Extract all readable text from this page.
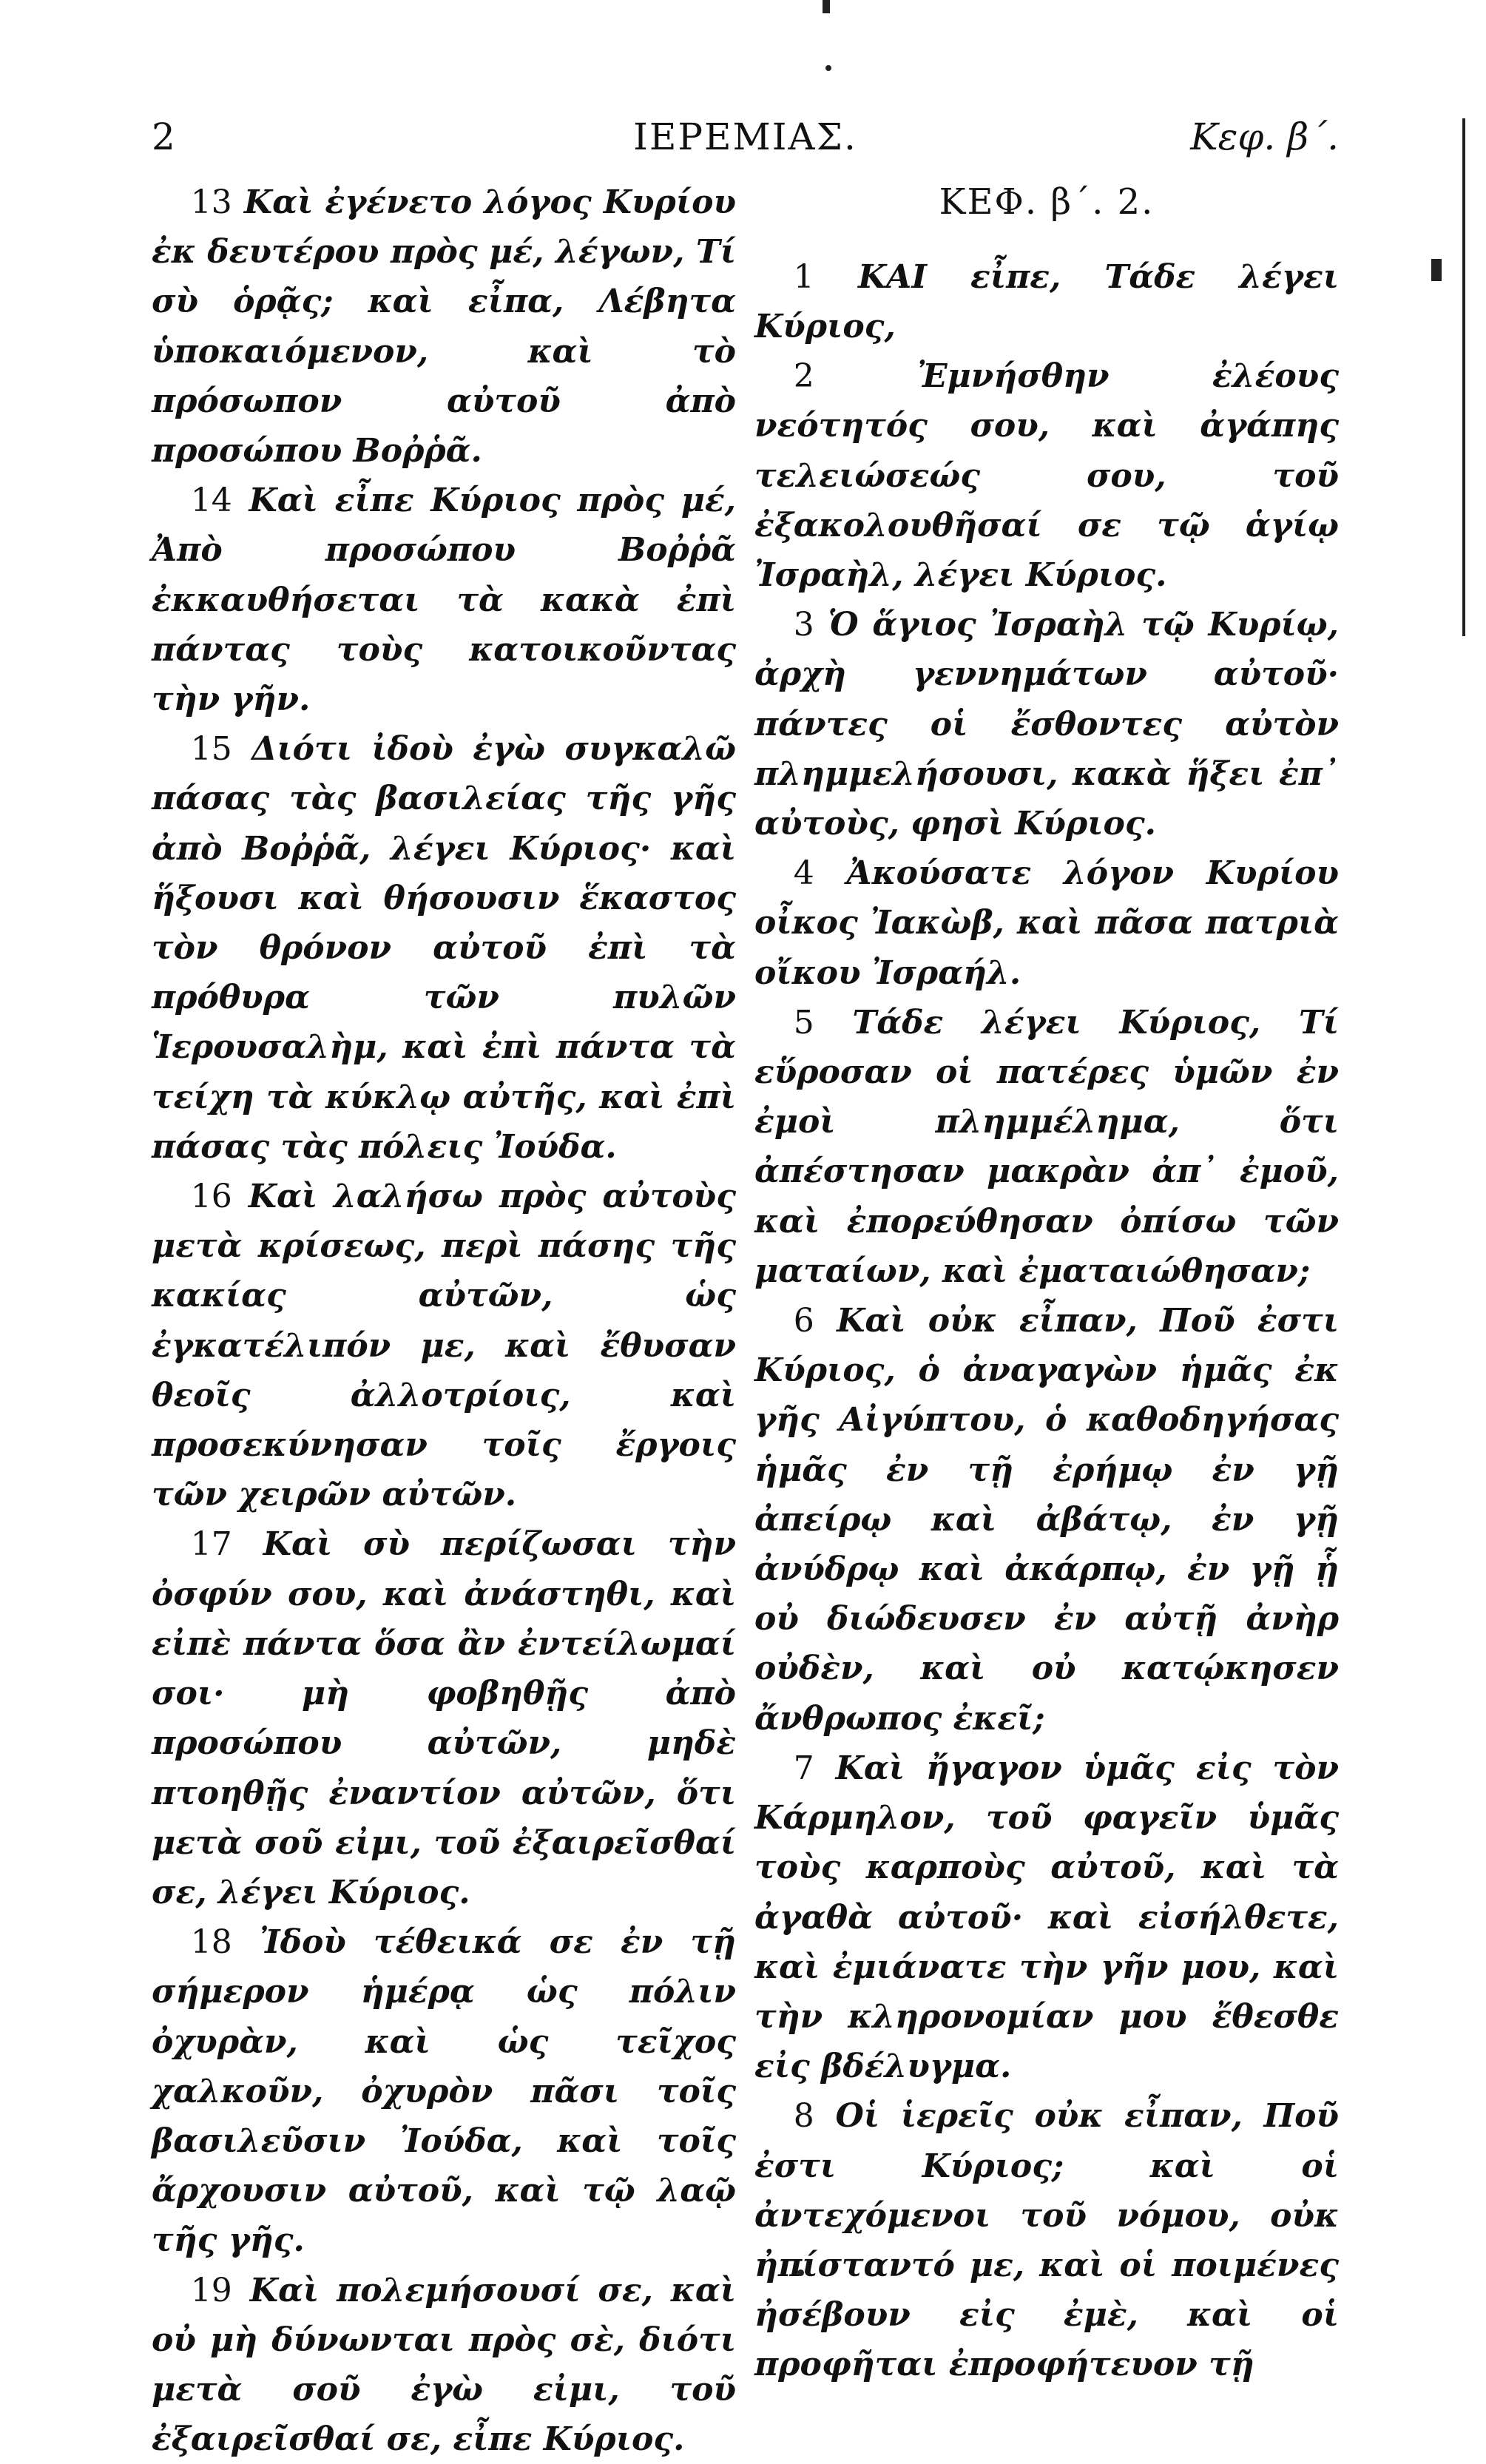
2	ΙΕΡΕΜΙΑΣ.	Κεφ. β΄.

13 Καὶ ἐγένετο λόγος Κυρίου ἐκ δευτέρου πρὸς μέ, λέγων, Τί σὺ ὁρᾷς; καὶ εἶπα, Λέβητα ὑποκαιόμενον, καὶ τὸ πρόσωπον αὐτοῦ ἀπὸ προσώπου Βοῤῥᾶ.

14 Καὶ εἶπε Κύριος πρὸς μέ, Ἀπὸ προσώπου Βοῤῥᾶ ἐκκαυθήσεται τὰ κακὰ ἐπὶ πάντας τοὺς κατοικοῦντας τὴν γῆν.

15 Διότι ἰδοὺ ἐγὼ συγκαλῶ πάσας τὰς βασιλείας τῆς γῆς ἀπὸ Βοῤῥᾶ, λέγει Κύριος· καὶ ἥξουσι καὶ θήσουσιν ἕκαστος τὸν θρόνον αὐτοῦ ἐπὶ τὰ πρόθυρα τῶν πυλῶν Ἱερουσαλὴμ, καὶ ἐπὶ πάντα τὰ τείχη τὰ κύκλῳ αὐτῆς, καὶ ἐπὶ πάσας τὰς πόλεις Ἰούδα.

16 Καὶ λαλήσω πρὸς αὐτοὺς μετὰ κρίσεως, περὶ πάσης τῆς κακίας αὐτῶν, ὡς ἐγκατέλιπόν με, καὶ ἔθυσαν θεοῖς ἀλλοτρίοις, καὶ προσεκύνησαν τοῖς ἔργοις τῶν χειρῶν αὐτῶν.

17 Καὶ σὺ περίζωσαι τὴν ὀσφύν σου, καὶ ἀνάστηθι, καὶ εἰπὲ πάντα ὅσα ἂν ἐντείλωμαί σοι· μὴ φοβηθῇς ἀπὸ προσώπου αὐτῶν, μηδὲ πτοηθῇς ἐναντίον αὐτῶν, ὅτι μετὰ σοῦ εἰμι, τοῦ ἐξαιρεῖσθαί σε, λέγει Κύριος.

18 Ἰδοὺ τέθεικά σε ἐν τῇ σήμερον ἡμέρᾳ ὡς πόλιν ὀχυρὰν, καὶ ὡς τεῖχος χαλκοῦν, ὀχυρὸν πᾶσι τοῖς βασιλεῦσιν Ἰούδα, καὶ τοῖς ἄρχουσιν αὐτοῦ, καὶ τῷ λαῷ τῆς γῆς.

19 Καὶ πολεμήσουσί σε, καὶ οὐ μὴ δύνωνται πρὸς σὲ, διότι μετὰ σοῦ ἐγὼ εἰμι, τοῦ ἐξαιρεῖσθαί σε, εἶπε Κύριος.

ΚΕΦ. β΄. 2.

1 ΚΑΙ εἶπε, Τάδε λέγει Κύριος,

2	Ἐμνήσθην ἐλέους νεότητός σου, καὶ ἀγάπης τελειώσεώς σου, τοῦ ἐξακολουθῆσαί σε τῷ ἁγίῳ Ἰσραὴλ, λέγει Κύριος.

3 Ὁ ἅγιος Ἰσραὴλ τῷ Κυρίῳ, ἀρχὴ γεννημάτων αὐτοῦ· πάντες οἱ ἔσθοντες αὐτὸν πλημμελήσουσι, κακὰ ἥξει ἐπ᾽ αὐτοὺς, φησὶ Κύριος.

4 Ἀκούσατε λόγον Κυρίου οἶκος Ἰακὼβ, καὶ πᾶσα πατριὰ οἴκου Ἰσραήλ.

5 Τάδε λέγει Κύριος, Τί εὕροσαν οἱ πατέρες ὑμῶν ἐν ἐμοὶ πλημμέλημα, ὅτι ἀπέστησαν μακρὰν ἀπ᾽ ἐμοῦ, καὶ ἐπορεύθησαν ὀπίσω τῶν ματαίων, καὶ ἐματαιώθησαν;

6 Καὶ οὐκ εἶπαν, Ποῦ ἐστι Κύριος, ὁ ἀναγαγὼν ἡμᾶς ἐκ γῆς Αἰγύπτου, ὁ καθοδηγήσας ἡμᾶς ἐν τῇ ἐρήμῳ ἐν γῇ ἀπείρῳ καὶ ἀβάτῳ, ἐν γῇ ἀνύδρῳ καὶ ἀκάρπῳ, ἐν γῇ ᾗ οὐ διώδευσεν ἐν αὐτῇ ἀνὴρ οὐδὲν, καὶ οὐ κατῴκησεν ἄνθρωπος ἐκεῖ;

7 Καὶ ἤγαγον ὑμᾶς εἰς τὸν Κάρμηλον, τοῦ φαγεῖν ὑμᾶς τοὺς καρποὺς αὐτοῦ, καὶ τὰ ἀγαθὰ αὐτοῦ· καὶ εἰσήλθετε, καὶ ἐμιάνατε τὴν γῆν μου, καὶ τὴν κληρονομίαν μου ἔθεσθε εἰς βδέλυγμα.

8 Οἱ ἱερεῖς οὐκ εἶπαν, Ποῦ ἐστι Κύριος; καὶ οἱ ἀντεχόμενοι τοῦ νόμου, οὐκ ἠπίσταντό με, καὶ οἱ ποιμένες ἠσέβουν εἰς ἐμὲ, καὶ οἱ προφῆται ἐπροφήτευον τῇ
